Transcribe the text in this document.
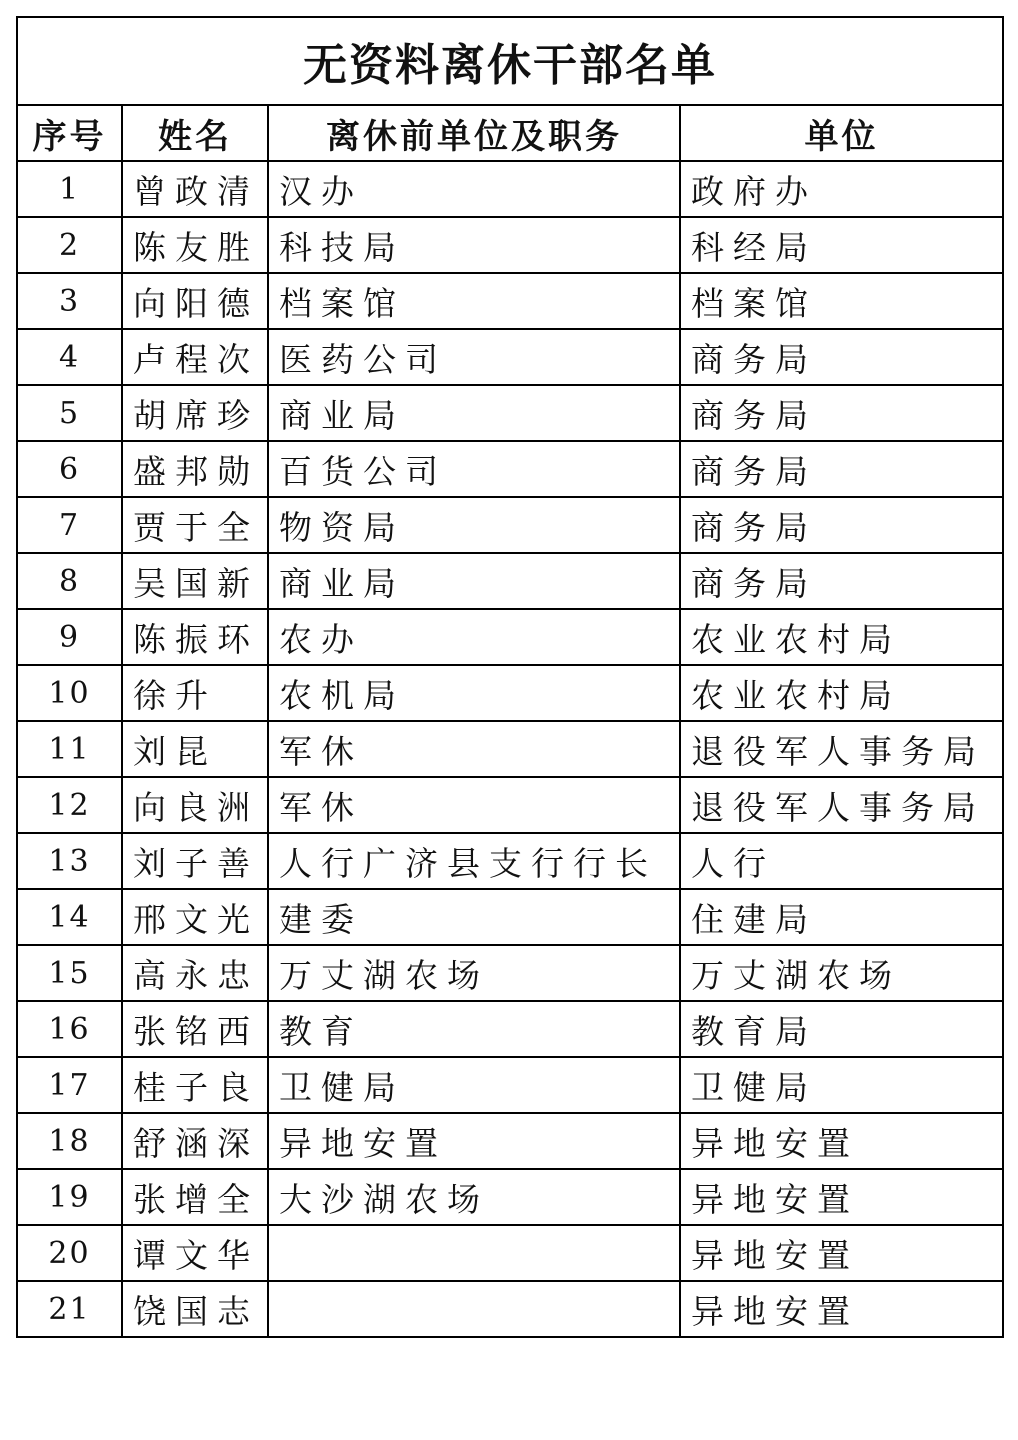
无资料离休干部名单			
序号	姓名	离休前单位及职务	单位
1	曾政清	汉办	政府办
2	陈友胜	科技局	科经局
3	向阳德	档案馆	档案馆
4	卢程次	医药公司	商务局
5	胡席珍	商业局	商务局
6	盛邦勋	百货公司	商务局
7	贾于全	物资局	商务局
8	吴国新	商业局	商务局
9	陈振环	农办	农业农村局
10	徐升	农机局	农业农村局
11	刘昆	军休	退役军人事务局
12	向良洲	军休	退役军人事务局
13	刘子善	人行广济县支行行长	人行
14	邢文光	建委	住建局
15	高永忠	万丈湖农场	万丈湖农场
16	张铭西	教育	教育局
17	桂子良	卫健局	卫健局
18	舒涵深	异地安置	异地安置
19	张增全	大沙湖农场	异地安置
20	谭文华		异地安置
21	饶国志		异地安置
